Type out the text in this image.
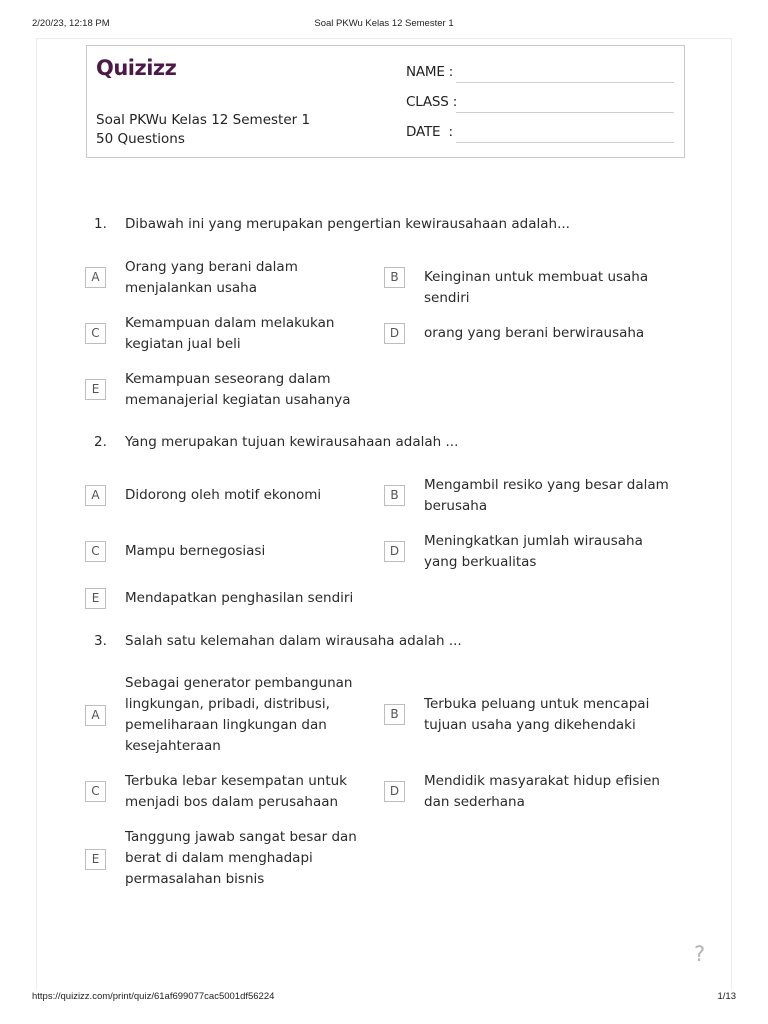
2/20/23, 12:18 PM	Soal PKWu Kelas 12 Semester 1
Quizizz
Soal PKWu Kelas 12 Semester 1
50 Questions
NAME :
CLASS :
DATE  :
1.	Dibawah ini yang merupakan pengertian kewirausahaan adalah...
A
Orang yang berani dalam menjalankan usaha
B	Keinginan untuk membuat usaha sendiri
C
Kemampuan dalam melakukan kegiatan jual beli
D	orang yang berani berwirausaha
E
Kemampuan seseorang dalam memanajerial kegiatan usahanya
2.	Yang merupakan tujuan kewirausahaan adalah ...
A	Didorong oleh motif ekonomi	B
Mengambil resiko yang besar dalam berusaha
C	Mampu bernegosiasi	D
Meningkatkan jumlah wirausaha yang berkualitas
E	Mendapatkan penghasilan sendiri
3.	Salah satu kelemahan dalam wirausaha adalah ...
A
Sebagai generator pembangunan lingkungan, pribadi, distribusi, pemeliharaan lingkungan dan kesejahteraan
B
Terbuka peluang untuk mencapai tujuan usaha yang dikehendaki
C
Terbuka lebar kesempatan untuk menjadi bos dalam perusahaan
D
Mendidik masyarakat hidup efisien dan sederhana
E
Tanggung jawab sangat besar dan berat di dalam menghadapi permasalahan bisnis
?
https://quizizz.com/print/quiz/61af699077cac5001df56224	1/13
